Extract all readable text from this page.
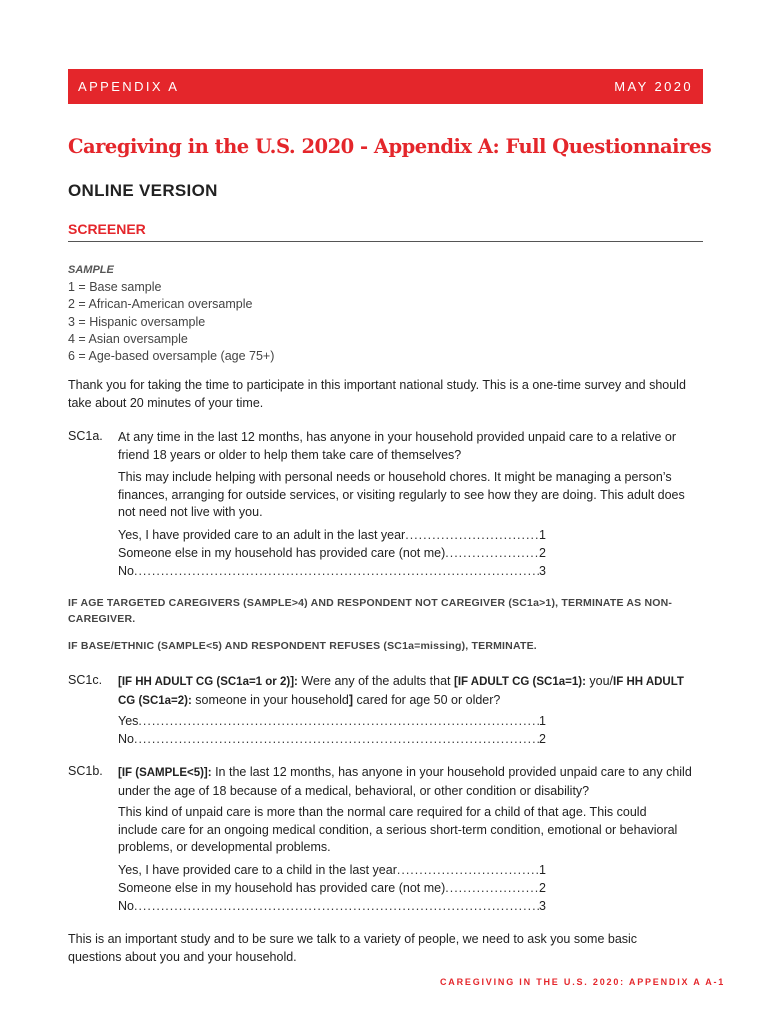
APPENDIX A	MAY 2020
Caregiving in the U.S. 2020 - Appendix A: Full Questionnaires
ONLINE VERSION
SCREENER
SAMPLE
1 = Base sample
2 = African-American oversample
3 = Hispanic oversample
4 = Asian oversample
6 = Age-based oversample (age 75+)
Thank you for taking the time to participate in this important national study. This is a one-time survey and should take about 20 minutes of your time.
SC1a. At any time in the last 12 months, has anyone in your household provided unpaid care to a relative or friend 18 years or older to help them take care of themselves?
This may include helping with personal needs or household chores. It might be managing a person’s finances, arranging for outside services, or visiting regularly to see how they are doing. This adult does not need not live with you.
Yes, I have provided care to an adult in the last year .....	1
Someone else in my household has provided care (not me) .....	2
No .....	3
IF AGE TARGETED CAREGIVERS (SAMPLE>4) AND RESPONDENT NOT CAREGIVER (SC1a>1), TERMINATE AS NON-CAREGIVER.
IF BASE/ETHNIC (SAMPLE<5) AND RESPONDENT REFUSES (SC1a=missing), TERMINATE.
SC1c. [IF HH ADULT CG (SC1a=1 or 2)]: Were any of the adults that [IF ADULT CG (SC1a=1): you/IF HH ADULT CG (SC1a=2): someone in your household] cared for age 50 or older?
Yes .....	1
No .....	2
SC1b. [IF (SAMPLE<5)]: In the last 12 months, has anyone in your household provided unpaid care to any child under the age of 18 because of a medical, behavioral, or other condition or disability?
This kind of unpaid care is more than the normal care required for a child of that age. This could include care for an ongoing medical condition, a serious short-term condition, emotional or behavioral problems, or developmental problems.
Yes, I have provided care to a child in the last year .....	1
Someone else in my household has provided care (not me) .....	2
No .....	3
This is an important study and to be sure we talk to a variety of people, we need to ask you some basic questions about you and your household.
CAREGIVING IN THE U.S. 2020: APPENDIX A A-1
